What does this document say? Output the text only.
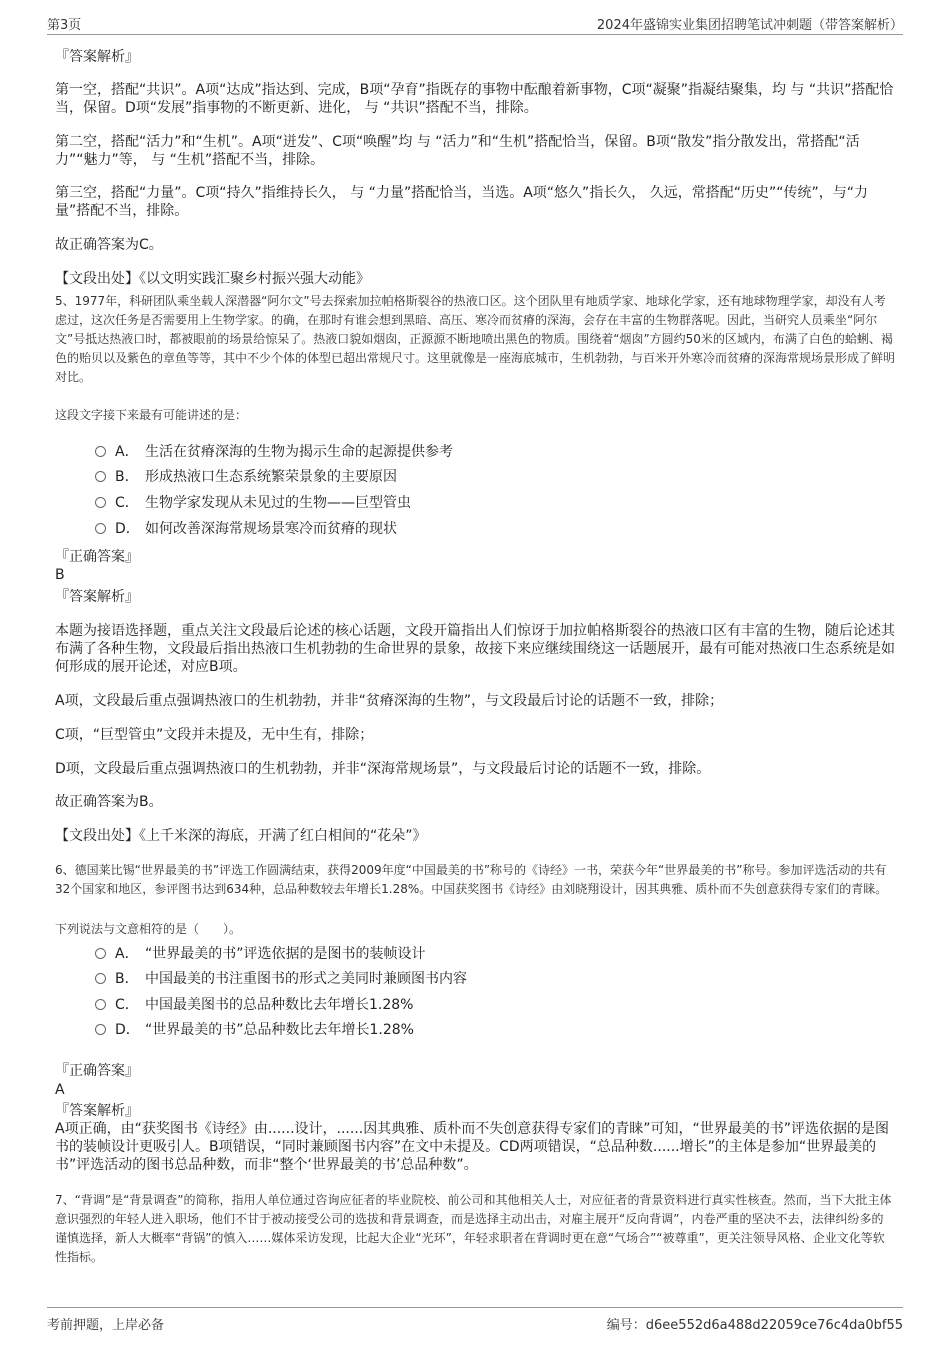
第3页	2024年盛锦实业集团招聘笔试冲刺题（带答案解析）
『答案解析』

第一空，搭配“共识”。A项“达成”指达到、完成，B项“孕育”指既存的事物中酝酿着新事物，C项“凝聚”指凝结聚集，均 与 “共识”搭配恰当，保留。D项“发展”指事物的不断更新、进化， 与 “共识”搭配不当，排除。

第二空，搭配“活力”和“生机”。A项“迸发”、C项“唤醒”均 与 “活力”和“生机”搭配恰当，保留。B项“散发”指分散发出，常搭配“活力”“魅力”等， 与 “生机”搭配不当，排除。

第三空，搭配“力量”。C项“持久”指维持长久， 与 “力量”搭配恰当，当选。A项“悠久”指长久， 久远，常搭配“历史”“传统”，与“力量”搭配不当，排除。

故正确答案为C。
【文段出处】《以文明实践汇聚乡村振兴强大动能》

5、1977年，科研团队乘坐载人深潜器“阿尔文”号去探索加拉帕格斯裂谷的热液口区。这个团队里有地质学家、地球化学家，还有地球物理学家，却没有人考虑过，这次任务是否需要用上生物学家。的确，在那时有谁会想到黑暗、高压、寒冷而贫瘠的深海，会存在丰富的生物群落呢。因此，当研究人员乘坐“阿尔文”号抵达热液口时，都被眼前的场景给惊呆了。热液口貌如烟囱，正源源不断地喷出黑色的物质。围绕着“烟囱”方圆约50米的区域内，布满了白色的蛤蜊、褐色的贻贝以及紫色的章鱼等等，其中不少个体的体型已超出常规尺寸。这里就像是一座海底城市，生机勃勃，与百米开外寒冷而贫瘠的深海常规场景形成了鲜明对比。

这段文字接下来最有可能讲述的是：
A． 生活在贫瘠深海的生物为揭示生命的起源提供参考
B． 形成热液口生态系统繁荣景象的主要原因
C． 生物学家发现从未见过的生物——巨型管虫
D． 如何改善深海常规场景寒冷而贫瘠的现状
『正确答案』
B
『答案解析』

本题为接语选择题，重点关注文段最后论述的核心话题，文段开篇指出人们惊讶于加拉帕格斯裂谷的热液口区有丰富的生物，随后论述其布满了各种生物，文段最后指出热液口生机勃勃的生命世界的景象，故接下来应继续围绕这一话题展开，最有可能对热液口生态系统是如何形成的展开论述，对应B项。

A项，文段最后重点强调热液口的生机勃勃，并非“贫瘠深海的生物”，与文段最后讨论的话题不一致，排除；

C项，“巨型管虫”文段并未提及，无中生有，排除；

D项，文段最后重点强调热液口的生机勃勃，并非“深海常规场景”，与文段最后讨论的话题不一致，排除。

故正确答案为B。
【文段出处】《上千米深的海底，开满了红白相间的“花朵”》

6、德国莱比锡“世界最美的书”评选工作圆满结束，获得2009年度“中国最美的书”称号的《诗经》一书，荣获今年“世界最美的书”称号。参加评选活动的共有32个国家和地区，参评图书达到634种，总品种数较去年增长1.28%。中国获奖图书《诗经》由刘晓翔设计，因其典雅、质朴而不失创意获得专家们的青睐。

下列说法与文意相符的是（　　）。
A． “世界最美的书”评选依据的是图书的装帧设计
B． 中国最美的书注重图书的形式之美同时兼顾图书内容
C． 中国最美图书的总品种数比去年增长1.28%
D． “世界最美的书”总品种数比去年增长1.28%
『正确答案』
A
『答案解析』

A项正确，由“获奖图书《诗经》由......设计，......因其典雅、质朴而不失创意获得专家们的青睐”可知，“世界最美的书”评选依据的是图书的装帧设计更吸引人。B项错误，“同时兼顾图书内容”在文中未提及。CD两项错误，“总品种数......增长”的主体是参加“世界最美的书”评选活动的图书总品种数，而非“整个‘世界最美的书’总品种数”。

7、“背调”是“背景调查”的简称，指用人单位通过咨询应征者的毕业院校、前公司和其他相关人士，对应征者的背景资料进行真实性核查。然而，当下大批主体意识强烈的年轻人进入职场，他们不甘于被动接受公司的选拔和背景调查，而是选择主动出击，对雇主展开“反向背调”，内卷严重的坚决不去，法律纠纷多的谨慎选择，新人大概率“背锅”的慎入……媒体采访发现，比起大企业“光环”，年轻求职者在背调时更在意“气场合”“被尊重”，更关注领导风格、企业文化等软性指标。

考前押题，上岸必备	编号：d6ee552d6a488d22059ce76c4da0bf55
